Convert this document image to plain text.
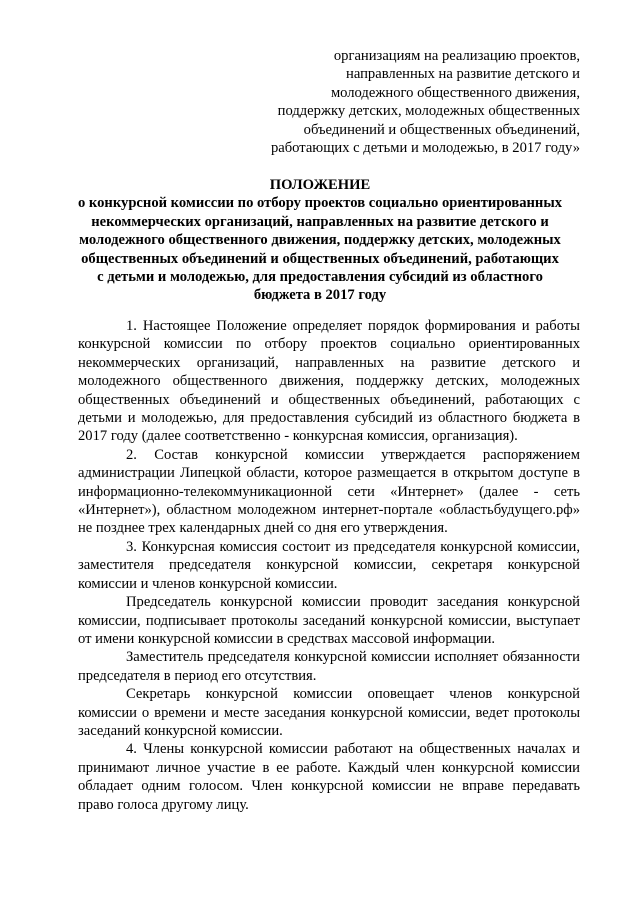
организациям на реализацию проектов,
направленных на развитие детского и
молодежного общественного движения,
поддержку детских, молодежных общественных
объединений и общественных объединений,
работающих с детьми и молодежью, в 2017 году»
ПОЛОЖЕНИЕ
о конкурсной комиссии по отбору проектов социально ориентированных
некоммерческих организаций, направленных на развитие детского и
молодежного общественного движения, поддержку детских, молодежных
общественных объединений и общественных объединений, работающих
с детьми и молодежью, для предоставления субсидий из областного
бюджета в 2017 году

1. Настоящее Положение определяет порядок формирования и работы конкурсной комиссии по отбору проектов социально ориентированных некоммерческих организаций, направленных на развитие детского и молодежного общественного движения, поддержку детских, молодежных общественных объединений и общественных объединений, работающих с детьми и молодежью, для предоставления субсидий из областного бюджета в 2017 году (далее соответственно - конкурсная комиссия, организация).

2. Состав конкурсной комиссии утверждается распоряжением администрации Липецкой области, которое размещается в открытом доступе в информационно-телекоммуникационной сети «Интернет» (далее - сеть «Интернет»), областном молодежном интернет-портале «областьбудущего.рф» не позднее трех календарных дней со дня его утверждения.

3. Конкурсная комиссия состоит из председателя конкурсной комиссии, заместителя председателя конкурсной комиссии, секретаря конкурсной комиссии и членов конкурсной комиссии.

Председатель конкурсной комиссии проводит заседания конкурсной комиссии, подписывает протоколы заседаний конкурсной комиссии, выступает от имени конкурсной комиссии в средствах массовой информации.

Заместитель председателя конкурсной комиссии исполняет обязанности председателя в период его отсутствия.

Секретарь конкурсной комиссии оповещает членов конкурсной комиссии о времени и месте заседания конкурсной комиссии, ведет протоколы заседаний конкурсной комиссии.

4. Члены конкурсной комиссии работают на общественных началах и принимают личное участие в ее работе. Каждый член конкурсной комиссии обладает одним голосом. Член конкурсной комиссии не вправе передавать право голоса другому лицу.
